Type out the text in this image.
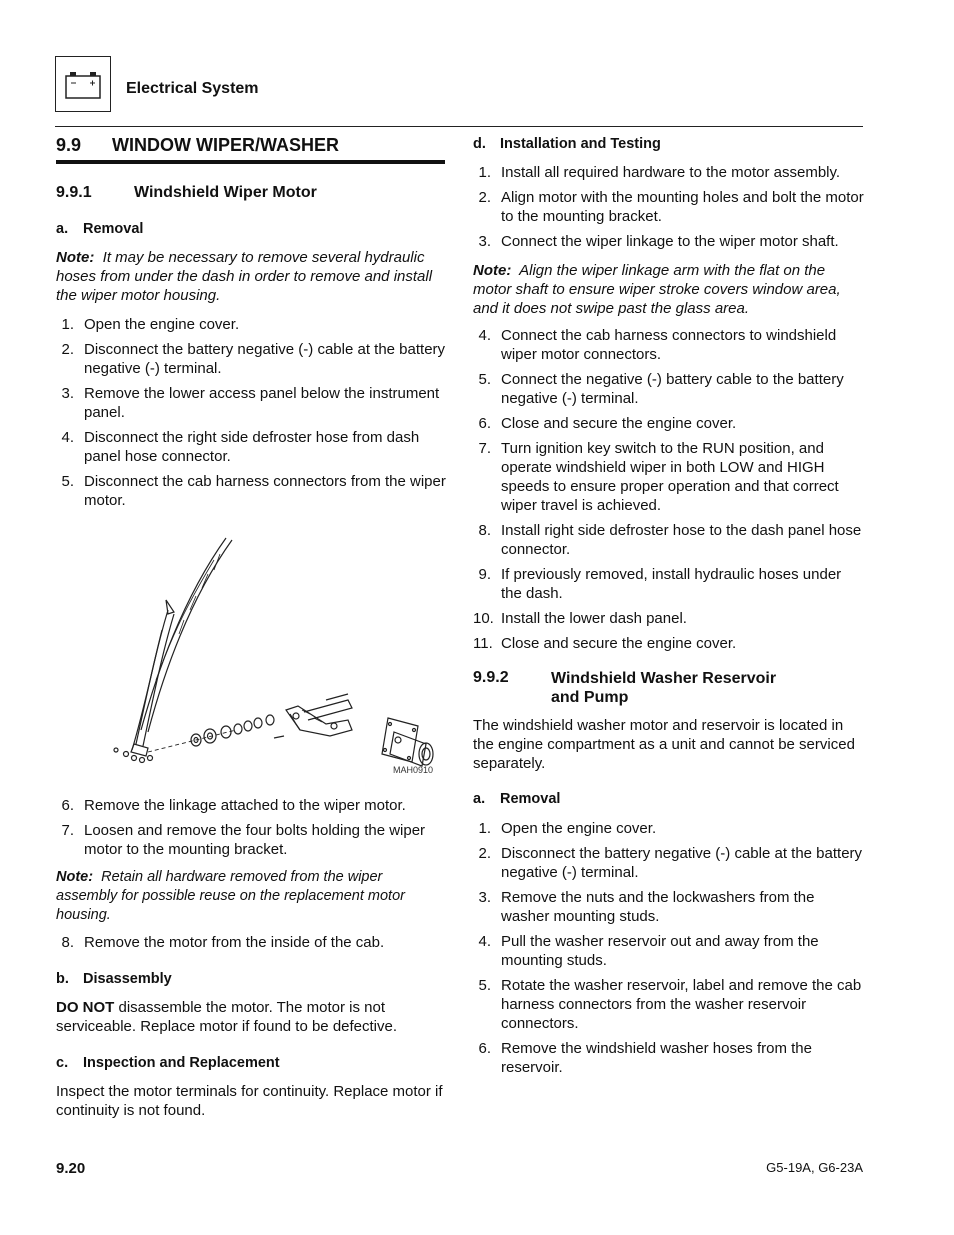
Electrical System
9.9 WINDOW WIPER/WASHER
9.9.1	Windshield Wiper Motor
a. Removal
Note: It may be necessary to remove several hydraulic hoses from under the dash in order to remove and install the wiper motor housing.
1. Open the engine cover.
2. Disconnect the battery negative (-) cable at the battery negative (-) terminal.
3. Remove the lower access panel below the instrument panel.
4. Disconnect the right side defroster hose from dash panel hose connector.
5. Disconnect the cab harness connectors from the wiper motor.
MAH0910
6. Remove the linkage attached to the wiper motor.
7. Loosen and remove the four bolts holding the wiper motor to the mounting bracket.
Note: Retain all hardware removed from the wiper assembly for possible reuse on the replacement motor housing.
8. Remove the motor from the inside of the cab.
b. Disassembly
DO NOT disassemble the motor. The motor is not serviceable. Replace motor if found to be defective.
c. Inspection and Replacement
Inspect the motor terminals for continuity. Replace motor if continuity is not found.
d. Installation and Testing
1. Install all required hardware to the motor assembly.
2. Align motor with the mounting holes and bolt the motor to the mounting bracket.
3. Connect the wiper linkage to the wiper motor shaft.
Note: Align the wiper linkage arm with the flat on the motor shaft to ensure wiper stroke covers window area, and it does not swipe past the glass area.
4. Connect the cab harness connectors to windshield wiper motor connectors.
5. Connect the negative (-) battery cable to the battery negative (-) terminal.
6. Close and secure the engine cover.
7. Turn ignition key switch to the RUN position, and operate windshield wiper in both LOW and HIGH speeds to ensure proper operation and that correct wiper travel is achieved.
8. Install right side defroster hose to the dash panel hose connector.
9. If previously removed, install hydraulic hoses under the dash.
10. Install the lower dash panel.
11. Close and secure the engine cover.
9.9.2	Windshield Washer Reservoir
and Pump
The windshield washer motor and reservoir is located in the engine compartment as a unit and cannot be serviced separately.
a. Removal
1. Open the engine cover.
2. Disconnect the battery negative (-) cable at the battery negative (-) terminal.
3. Remove the nuts and the lockwashers from the washer mounting studs.
4. Pull the washer reservoir out and away from the mounting studs.
5. Rotate the washer reservoir, label and remove the cab harness connectors from the washer reservoir connectors.
6. Remove the windshield washer hoses from the reservoir.
9.20	G5-19A, G6-23A
